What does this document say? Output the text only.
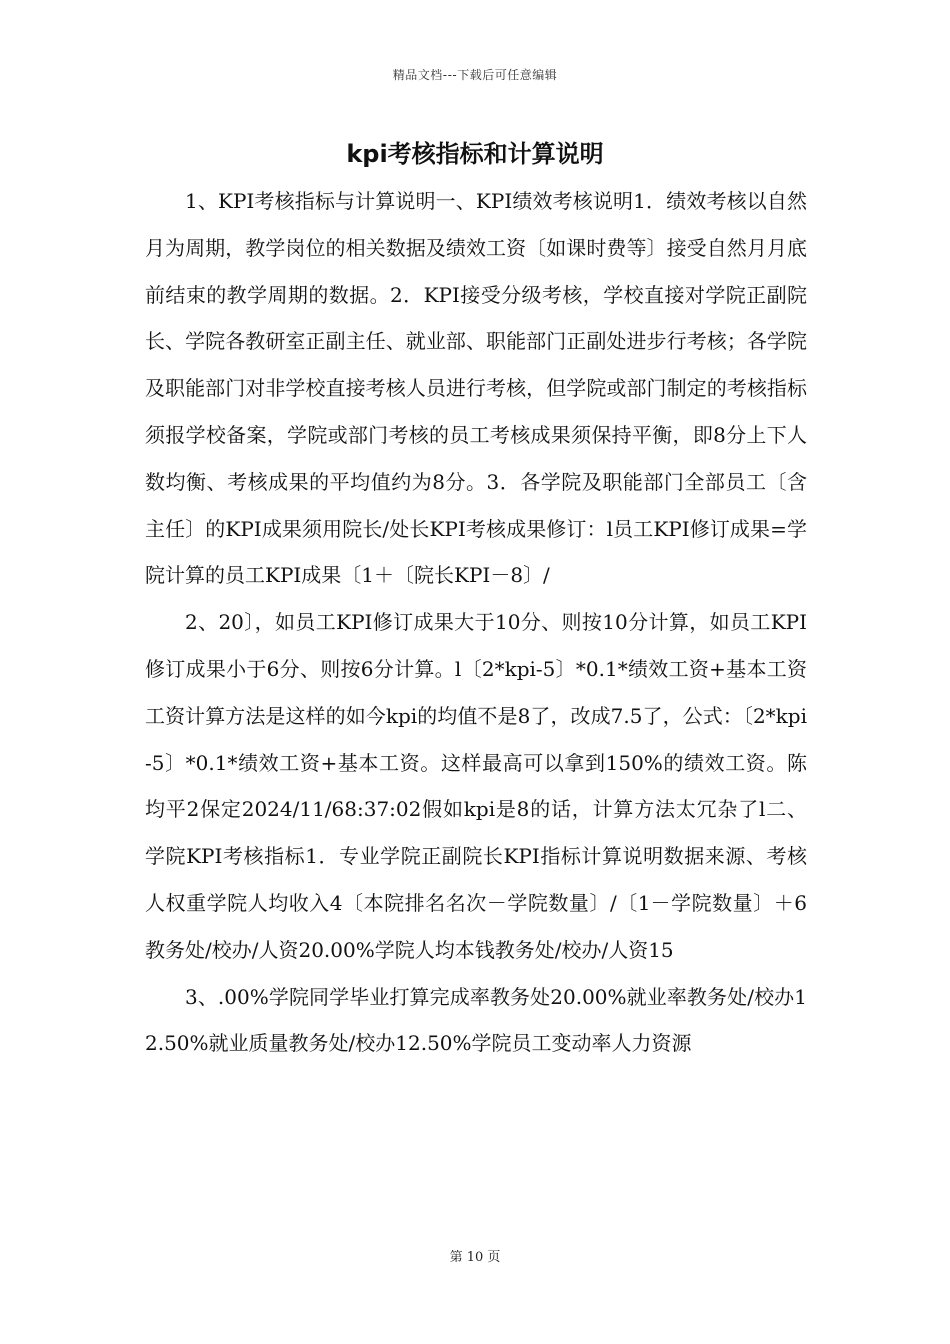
精品文档---下载后可任意编辑
kpi考核指标和计算说明

1、KPI考核指标与计算说明一、KPI绩效考核说明1．绩效考核以自然月为周期，教学岗位的相关数据及绩效工资〔如课时费等〕接受自然月月底前结束的教学周期的数据。2．KPI接受分级考核，学校直接对学院正副院长、学院各教研室正副主任、就业部、职能部门正副处进步行考核；各学院及职能部门对非学校直接考核人员进行考核，但学院或部门制定的考核指标须报学校备案，学院或部门考核的员工考核成果须保持平衡，即8分上下人数均衡、考核成果的平均值约为8分。3．各学院及职能部门全部员工〔含主任〕的KPI成果须用院长/处长KPI考核成果修订：l员工KPI修订成果=学院计算的员工KPI成果〔1＋〔院长KPI－8〕/

2、20〕，如员工KPI修订成果大于10分、则按10分计算，如员工KPI修订成果小于6分、则按6分计算。l〔2*kpi-5〕*0.1*绩效工资+基本工资工资计算方法是这样的如今kpi的均值不是8了，改成7.5了，公式：〔2*kpi-5〕*0.1*绩效工资+基本工资。这样最高可以拿到150%的绩效工资。陈均平2保定2024/11/68:37:02假如kpi是8的话，计算方法太冗杂了l二、学院KPI考核指标1．专业学院正副院长KPI指标计算说明数据来源、考核人权重学院人均收入4〔本院排名名次－学院数量〕/〔1－学院数量〕＋6教务处/校办/人资20.00%学院人均本钱教务处/校办/人资15

3、.00%学院同学毕业打算完成率教务处20.00%就业率教务处/校办12.50%就业质量教务处/校办12.50%学院员工变动率人力资源

第 10 页
